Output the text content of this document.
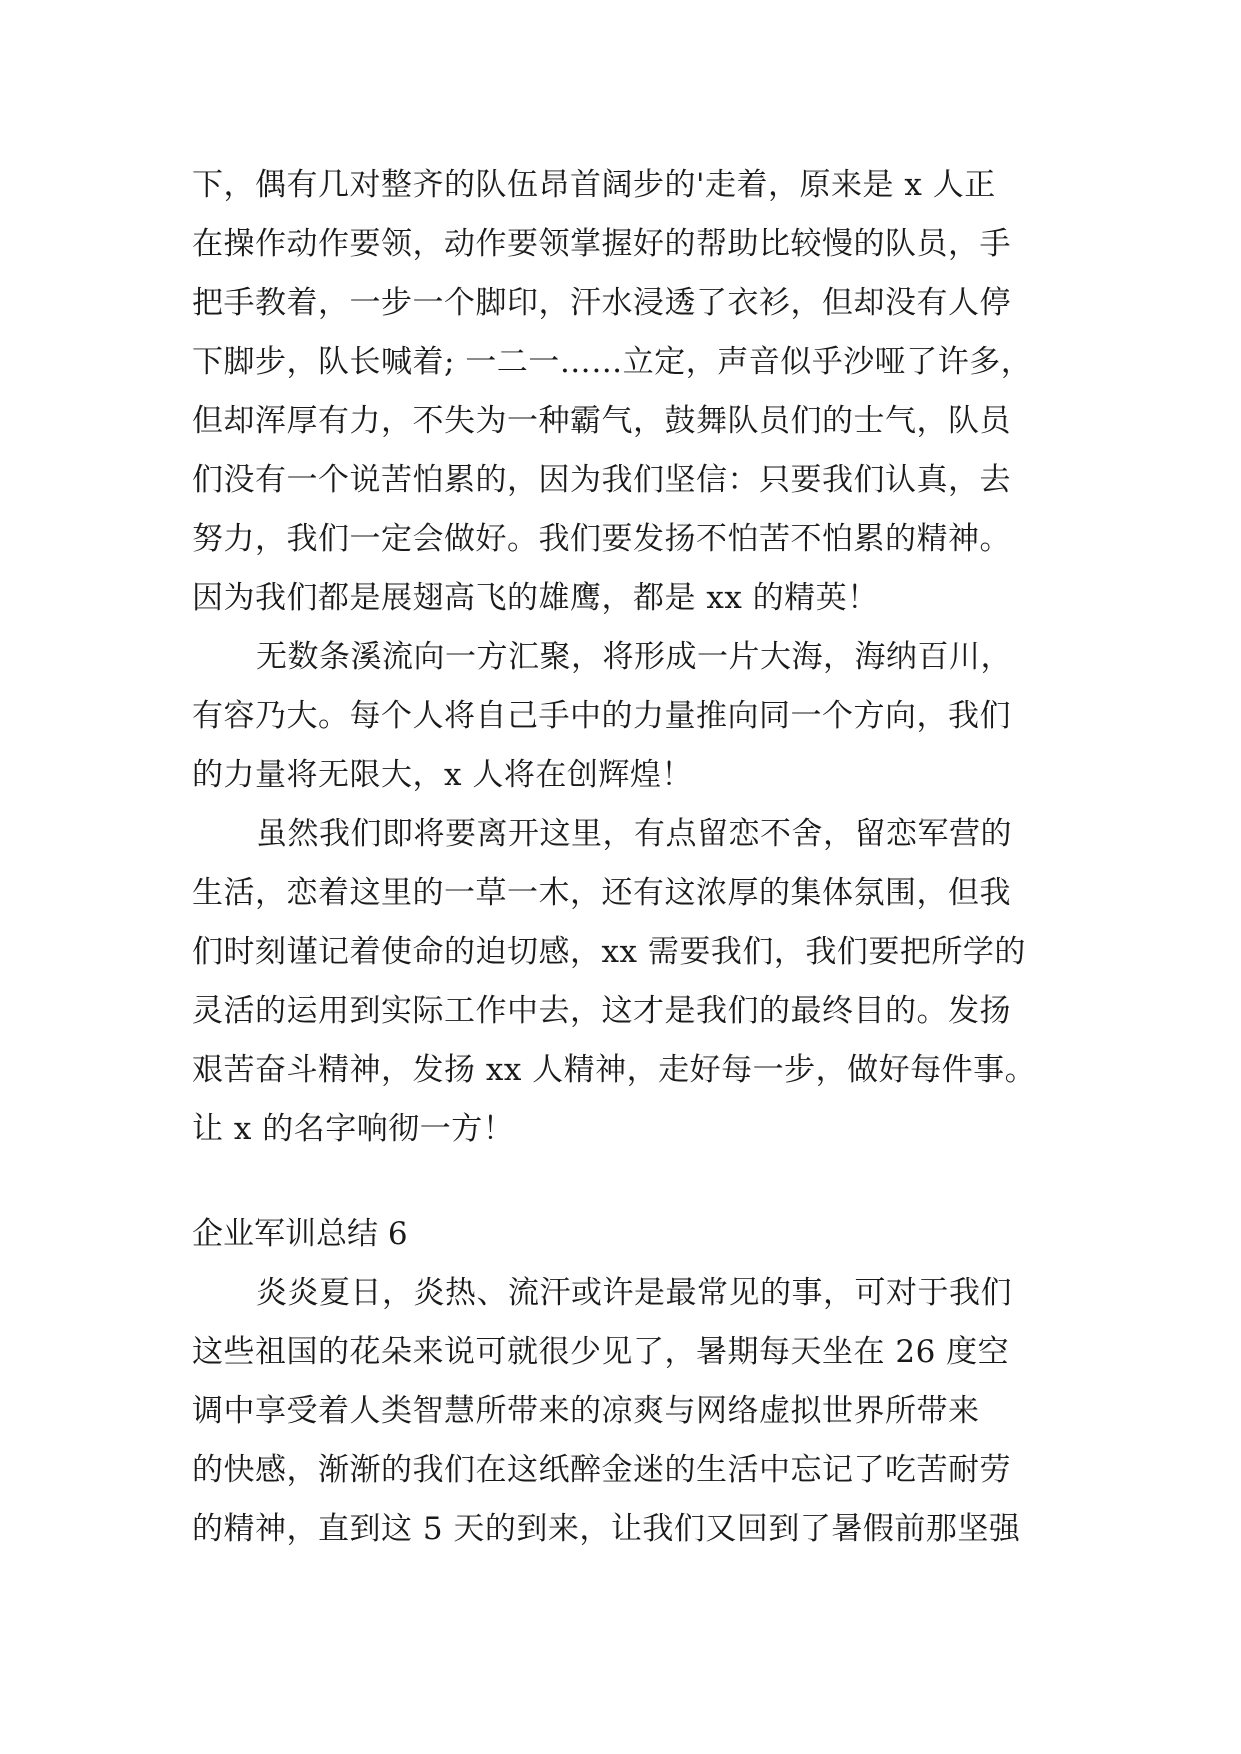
下，偶有几对整齐的队伍昂首阔步的'走着，原来是 x 人正
在操作动作要领，动作要领掌握好的帮助比较慢的队员，手
把手教着，一步一个脚印，汗水浸透了衣衫，但却没有人停
下脚步，队长喊着; 一二一……立定，声音似乎沙哑了许多，
但却浑厚有力，不失为一种霸气，鼓舞队员们的士气，队员
们没有一个说苦怕累的，因为我们坚信：只要我们认真，去
努力，我们一定会做好。我们要发扬不怕苦不怕累的精神。
因为我们都是展翅高飞的雄鹰，都是 xx 的精英！
无数条溪流向一方汇聚，将形成一片大海，海纳百川，
有容乃大。每个人将自己手中的力量推向同一个方向，我们
的力量将无限大，x 人将在创辉煌！
虽然我们即将要离开这里，有点留恋不舍，留恋军营的
生活，恋着这里的一草一木，还有这浓厚的集体氛围，但我
们时刻谨记着使命的迫切感，xx 需要我们，我们要把所学的
灵活的运用到实际工作中去，这才是我们的最终目的。发扬
艰苦奋斗精神，发扬 xx 人精神，走好每一步，做好每件事。
让 x 的名字响彻一方！
企业军训总结 6
炎炎夏日，炎热、流汗或许是最常见的事，可对于我们
这些祖国的花朵来说可就很少见了，暑期每天坐在 26 度空
调中享受着人类智慧所带来的凉爽与网络虚拟世界所带来
的快感，渐渐的我们在这纸醉金迷的生活中忘记了吃苦耐劳
的精神，直到这 5 天的到来，让我们又回到了暑假前那坚强
